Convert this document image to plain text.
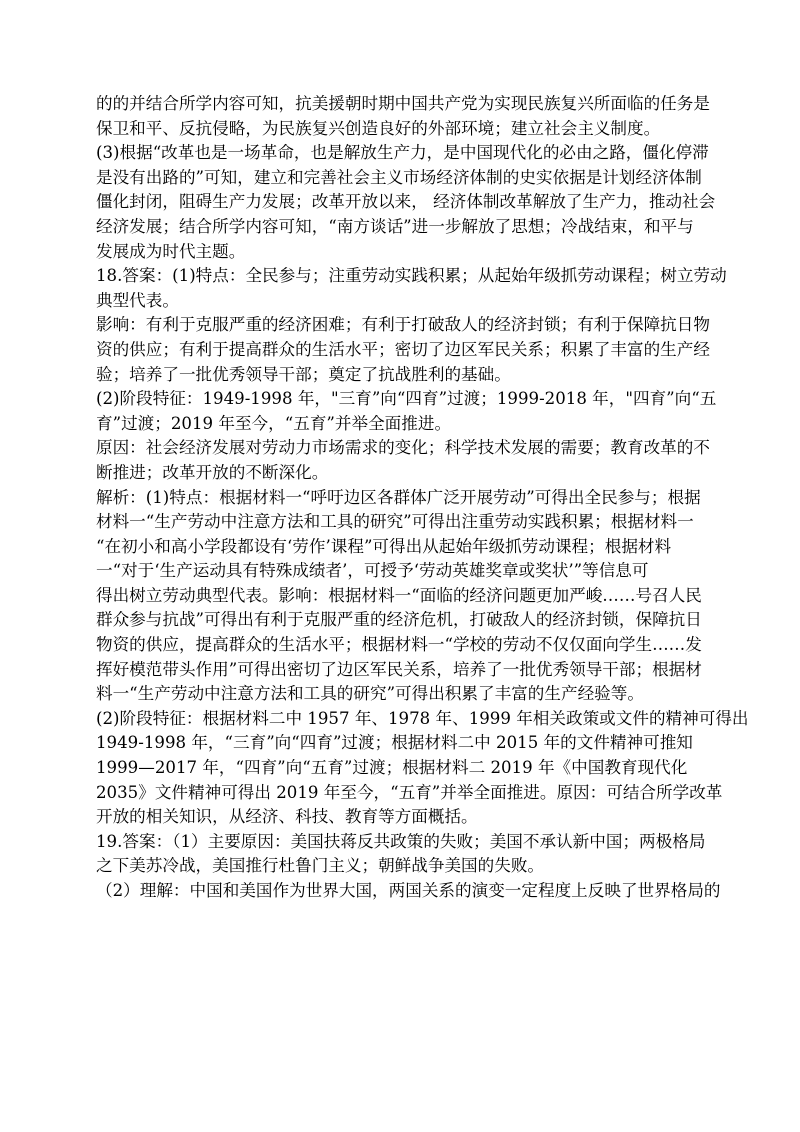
的的并结合所学内容可知，抗美援朝时期中国共产党为实现民族复兴所面临的任务是
保卫和平、反抗侵略，为民族复兴创造良好的外部环境；建立社会主义制度。
(3)根据“改革也是一场革命，也是解放生产力，是中国现代化的必由之路，僵化停滞
是没有出路的”可知，建立和完善社会主义市场经济体制的史实依据是计划经济体制
僵化封闭，阻碍生产力发展；改革开放以来， 经济体制改革解放了生产力，推动社会
经济发展；结合所学内容可知，“南方谈话”进一步解放了思想；冷战结束，和平与
发展成为时代主题。
18.答案：(1)特点：全民参与；注重劳动实践积累；从起始年级抓劳动课程；树立劳动
典型代表。
影响：有利于克服严重的经济困难；有利于打破敌人的经济封锁；有利于保障抗日物
资的供应；有利于提高群众的生活水平；密切了边区军民关系；积累了丰富的生产经
验；培养了一批优秀领导干部；奠定了抗战胜利的基础。
(2)阶段特征：1949-1998 年，"三育”向“四育”过渡；1999-2018 年，"四育”向“五
育”过渡；2019 年至今，“五育”并举全面推进。
原因：社会经济发展对劳动力市场需求的变化；科学技术发展的需要；教育改革的不
断推进；改革开放的不断深化。
解析：(1)特点：根据材料一“呼吁边区各群体广泛开展劳动”可得出全民参与；根据
材料一“生产劳动中注意方法和工具的研究”可得出注重劳动实践积累；根据材料一
“在初小和高小学段都设有‘劳作’课程”可得出从起始年级抓劳动课程；根据材料
一“对于‘生产运动具有特殊成绩者’，可授予‘劳动英雄奖章或奖状’”等信息可
得出树立劳动典型代表。影响：根据材料一“面临的经济问题更加严峻……号召人民
群众参与抗战”可得出有利于克服严重的经济危机，打破敌人的经济封锁，保障抗日
物资的供应，提高群众的生活水平；根据材料一“学校的劳动不仅仅面向学生……发
挥好模范带头作用”可得出密切了边区军民关系，培养了一批优秀领导干部；根据材
料一“生产劳动中注意方法和工具的研究”可得出积累了丰富的生产经验等。
(2)阶段特征：根据材料二中 1957 年、1978 年、1999 年相关政策或文件的精神可得出
1949-1998 年，“三育”向“四育”过渡；根据材料二中 2015 年的文件精神可推知
1999—2017 年，“四育”向“五育”过渡；根据材料二 2019 年《中国教育现代化
2035》文件精神可得出 2019 年至今，“五育”并举全面推进。原因：可结合所学改革
开放的相关知识，从经济、科技、教育等方面概括。
19.答案：（1）主要原因：美国扶蒋反共政策的失败；美国不承认新中国；两极格局
之下美苏冷战，美国推行杜鲁门主义；朝鲜战争美国的失败。
（2）理解：中国和美国作为世界大国，两国关系的演变一定程度上反映了世界格局的
